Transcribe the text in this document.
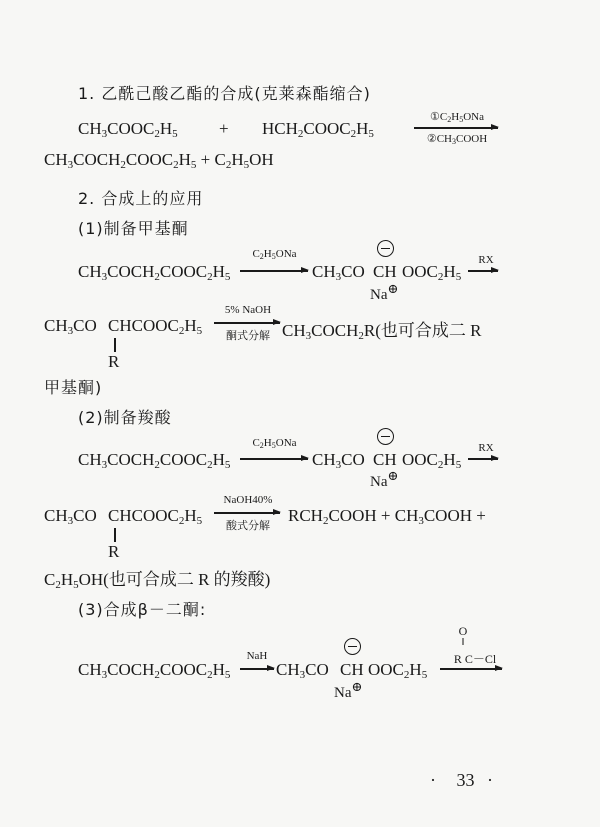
1. 乙酰己酸乙酯的合成(克莱森酯缩合)
$CH_3COOC_2H_5$ + $HCH_2COOC_2H_5$
$①C_2H_5ONa$
$②CH_3COOH$
$CH_3COCH_2COOC_2H_5 + C_2H_5OH$
2. 合成上的应用
(1)制备甲基酮
$CH_3COCH_2COOC_2H_5$
$C_2H_5ONa$
$CH_3CO$ CH $OOC_2H_5$
Na⊕
RX
$CH_3CO$ $CHCOOC_2H_5$
R
5% NaOH
酮式分解 $CH_3COCH_2R$(也可合成二 R
甲基酮)
(2)制备羧酸
$CH_3COCH_2COOC_2H_5$
$C_2H_5ONa$
$CH_3CO$ CH $OOC_2H_5$
Na⊕
RX
$CH_3CO$ $CHCOOC_2H_5$
R
NaOH40%
酸式分解
$RCH_2COOH$ + $CH_3COOH$ +
$C_2H_5OH$(也可合成二 R 的羧酸)
(3)合成β－二酮:
$CH_3COCH_2COOC_2H_5$
NaH
$CH_3CO$ CH $OOC_2H_5$
Na⊕
O
‖
R C－Cl
· 33 ·
